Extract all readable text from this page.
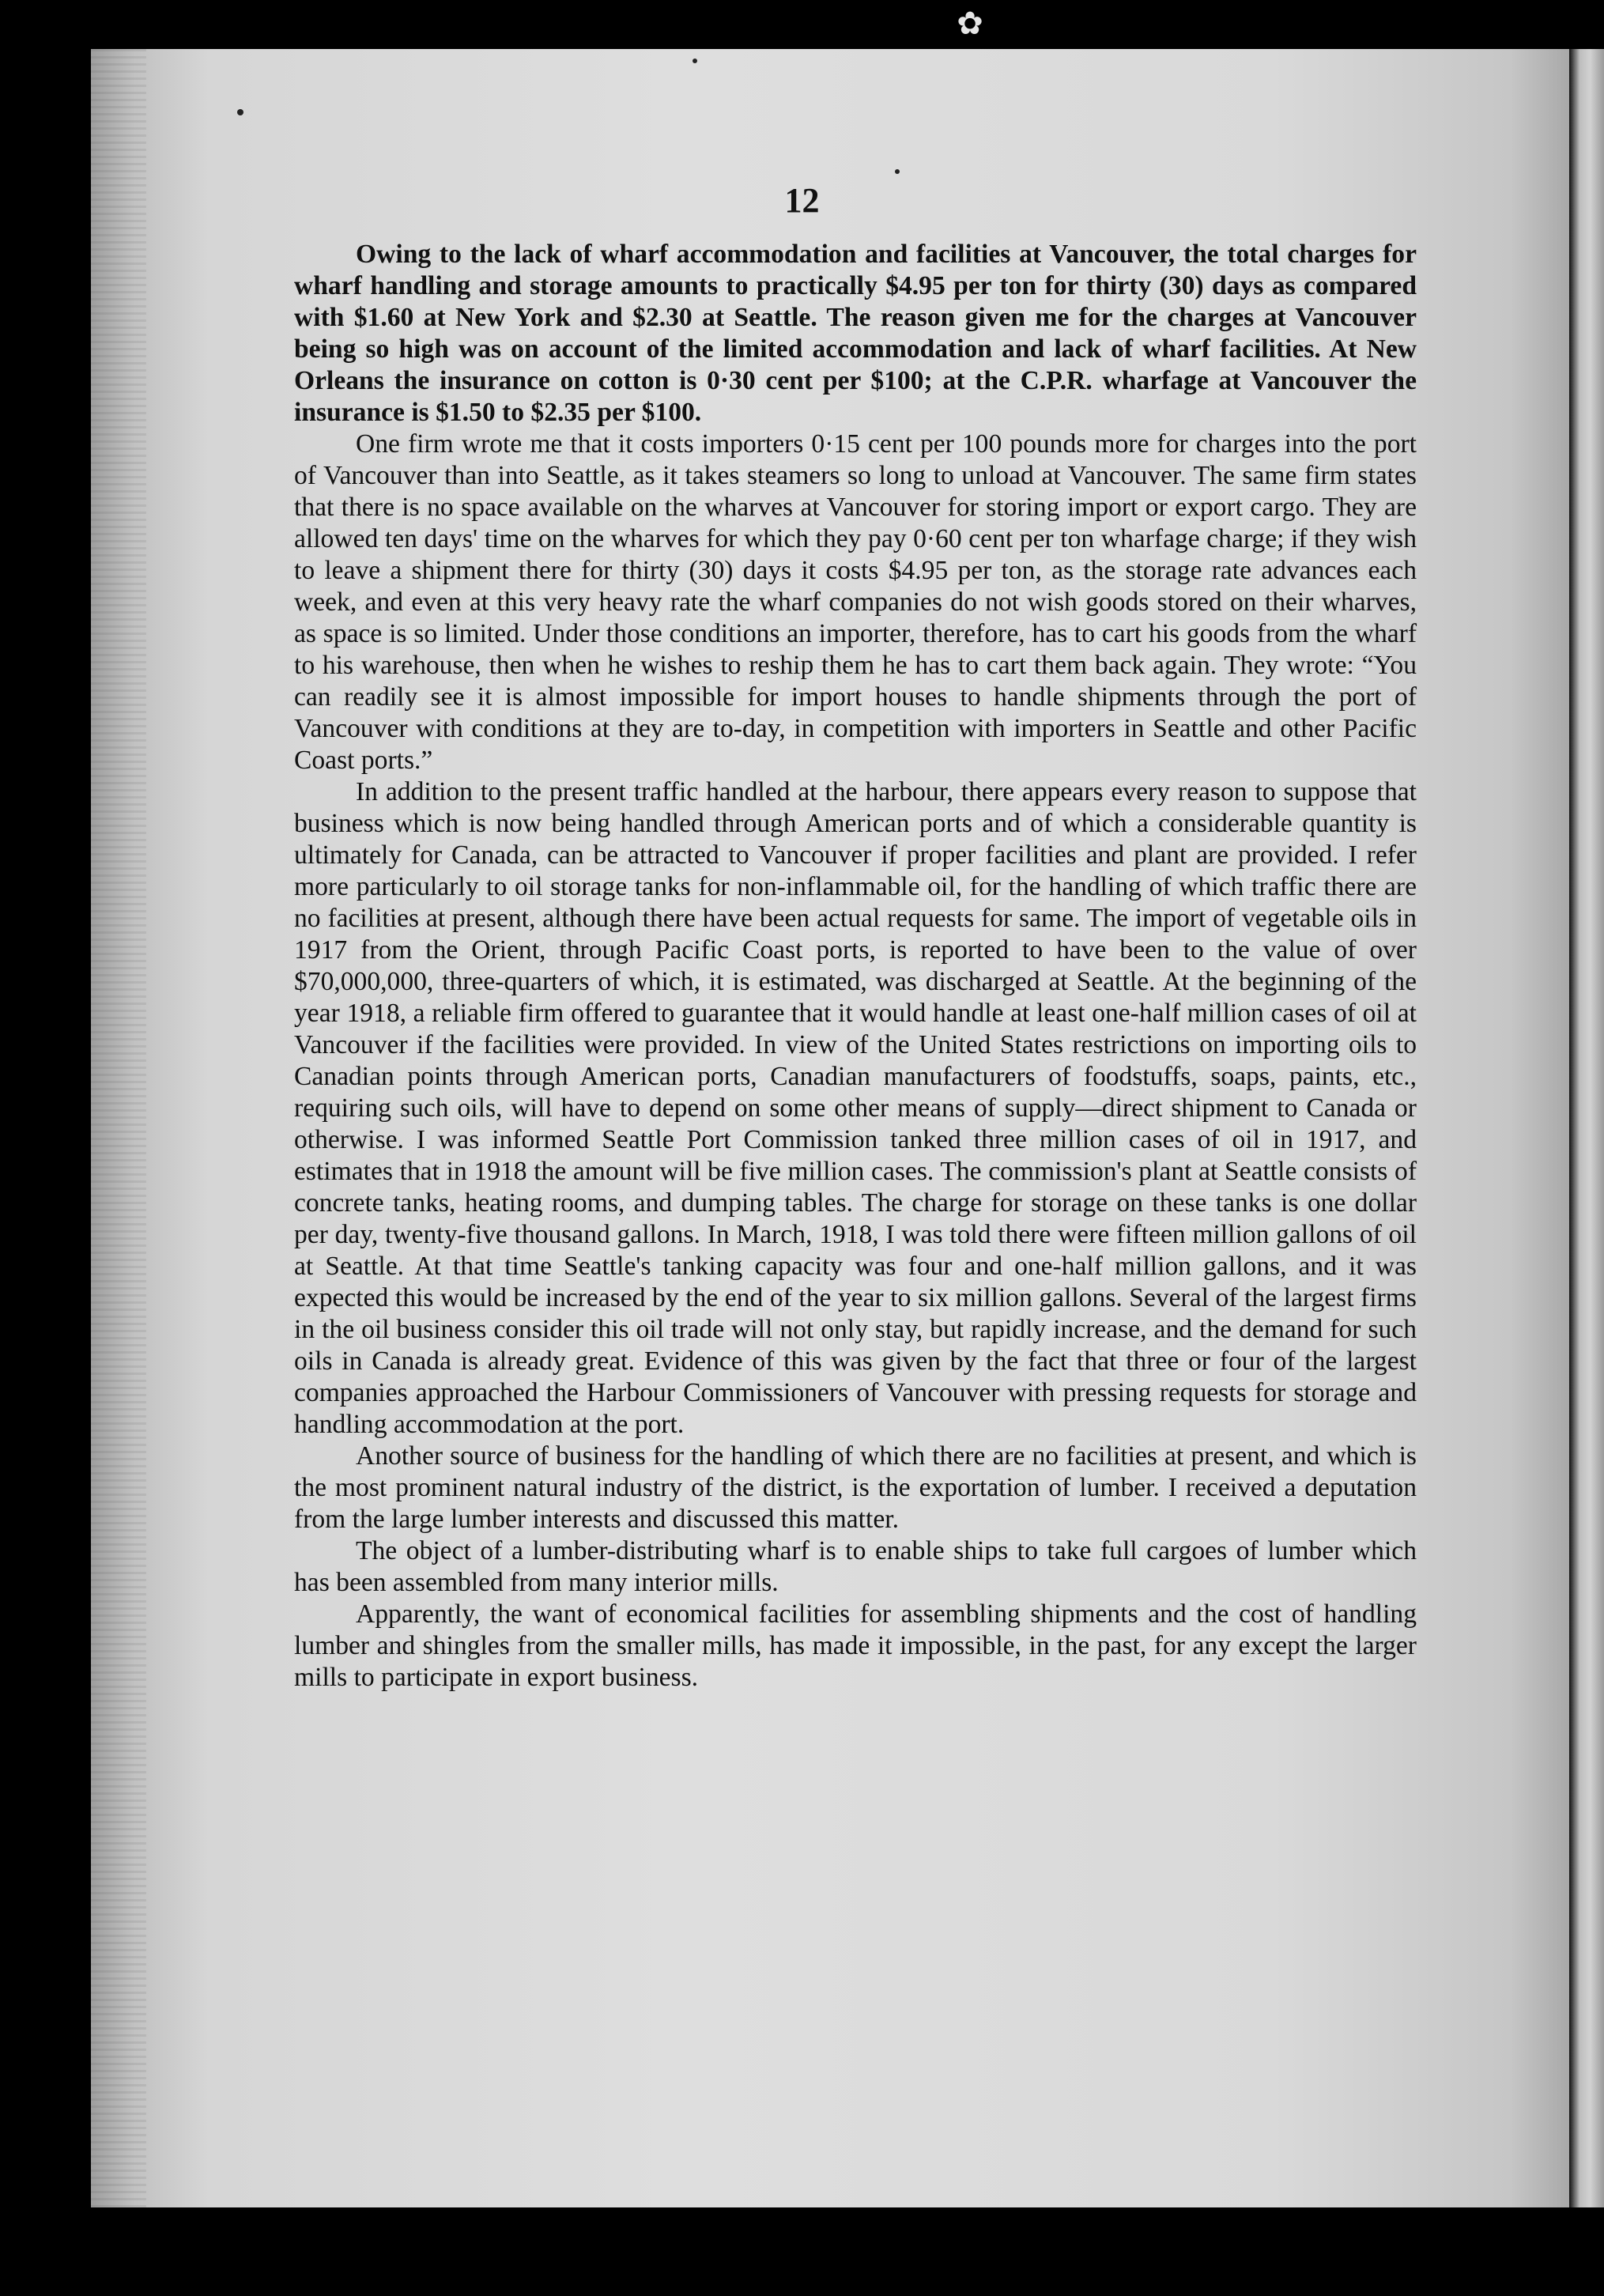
✿
12

Owing to the lack of wharf accommodation and facilities at Vancouver, the total charges for wharf handling and storage amounts to practically $4.95 per ton for thirty (30) days as compared with $1.60 at New York and $2.30 at Seattle. The reason given me for the charges at Vancouver being so high was on account of the limited accommodation and lack of wharf facilities. At New Orleans the insurance on cotton is 0·30 cent per $100; at the C.P.R. wharfage at Vancouver the insurance is $1.50 to $2.35 per $100.

One firm wrote me that it costs importers 0·15 cent per 100 pounds more for charges into the port of Vancouver than into Seattle, as it takes steamers so long to unload at Vancouver. The same firm states that there is no space available on the wharves at Vancouver for storing import or export cargo. They are allowed ten days' time on the wharves for which they pay 0·60 cent per ton wharfage charge; if they wish to leave a shipment there for thirty (30) days it costs $4.95 per ton, as the storage rate advances each week, and even at this very heavy rate the wharf companies do not wish goods stored on their wharves, as space is so limited. Under those conditions an importer, therefore, has to cart his goods from the wharf to his warehouse, then when he wishes to reship them he has to cart them back again. They wrote: “You can readily see it is almost impossible for import houses to handle shipments through the port of Vancouver with conditions at they are to-day, in competition with importers in Seattle and other Pacific Coast ports.”

In addition to the present traffic handled at the harbour, there appears every reason to suppose that business which is now being handled through American ports and of which a considerable quantity is ultimately for Canada, can be attracted to Vancouver if proper facilities and plant are provided. I refer more particularly to oil storage tanks for non-inflammable oil, for the handling of which traffic there are no facilities at present, although there have been actual requests for same. The import of vegetable oils in 1917 from the Orient, through Pacific Coast ports, is reported to have been to the value of over $70,000,000, three-quarters of which, it is estimated, was discharged at Seattle. At the beginning of the year 1918, a reliable firm offered to guarantee that it would handle at least one-half million cases of oil at Vancouver if the facilities were provided. In view of the United States restrictions on importing oils to Canadian points through American ports, Canadian manufacturers of foodstuffs, soaps, paints, etc., requiring such oils, will have to depend on some other means of supply—direct shipment to Canada or otherwise. I was informed Seattle Port Commission tanked three million cases of oil in 1917, and estimates that in 1918 the amount will be five million cases. The commission's plant at Seattle consists of concrete tanks, heating rooms, and dumping tables. The charge for storage on these tanks is one dollar per day, twenty-five thousand gallons. In March, 1918, I was told there were fifteen million gallons of oil at Seattle. At that time Seattle's tanking capacity was four and one-half million gallons, and it was expected this would be increased by the end of the year to six million gallons. Several of the largest firms in the oil business consider this oil trade will not only stay, but rapidly increase, and the demand for such oils in Canada is already great. Evidence of this was given by the fact that three or four of the largest companies approached the Harbour Commissioners of Vancouver with pressing requests for storage and handling accommodation at the port.

Another source of business for the handling of which there are no facilities at present, and which is the most prominent natural industry of the district, is the exportation of lumber. I received a deputation from the large lumber interests and discussed this matter.

The object of a lumber-distributing wharf is to enable ships to take full cargoes of lumber which has been assembled from many interior mills.

Apparently, the want of economical facilities for assembling shipments and the cost of handling lumber and shingles from the smaller mills, has made it impossible, in the past, for any except the larger mills to participate in export business.
